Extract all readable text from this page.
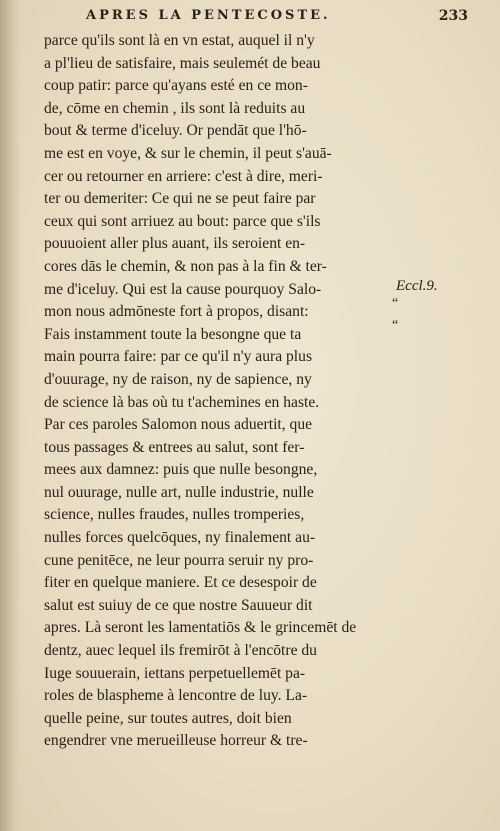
APRES LA PENTECOSTE.	233
parce qu'ils sont là en vn estat, auquel il n'y
a pl'lieu de satisfaire, mais seulemét de beau
coup patir: parce qu'ayans esté en ce mon-
de, cōme en chemin , ils sont là reduits au
bout & terme d'iceluy. Or pendāt que l'hō-
me est en voye, & sur le chemin, il peut s'auā-
cer ou retourner en arriere: c'est à dire, meri-
ter ou demeriter: Ce qui ne se peut faire par
ceux qui sont arriuez au bout: parce que s'ils
pouuoient aller plus auant, ils seroient en-
cores dās le chemin, & non pas à la fin & ter-
me d'iceluy. Qui est la cause pourquoy Salo-
mon nous admōneste fort à propos, disant:
Fais instamment toute la besongne que ta
main pourra faire: par ce qu'il n'y aura plus
d'ouurage, ny de raison, ny de sapience, ny
de science là bas où tu t'achemines en haste.
Par ces paroles Salomon nous aduertit, que
tous passages & entrees au salut, sont fer-
mees aux damnez: puis que nulle besongne,
nul ouurage, nulle art, nulle industrie, nulle
science, nulles fraudes, nulles tromperies,
nulles forces quelcōques, ny finalement au-
cune penitēce, ne leur pourra seruir ny pro-
fiter en quelque maniere. Et ce desespoir de
salut est suiuy de ce que nostre Sauueur dit
apres. Là seront les lamentatiōs & le grincemēt de
dentz, auec lequel ils fremirōt à l'encōtre du
Iuge souuerain, iettans perpetuellemēt pa-
roles de blaspheme à lencontre de luy. La-
quelle peine, sur toutes autres, doit bien
engendrer vne merueilleuse horreur & tre-
Eccl.9.
“
“
